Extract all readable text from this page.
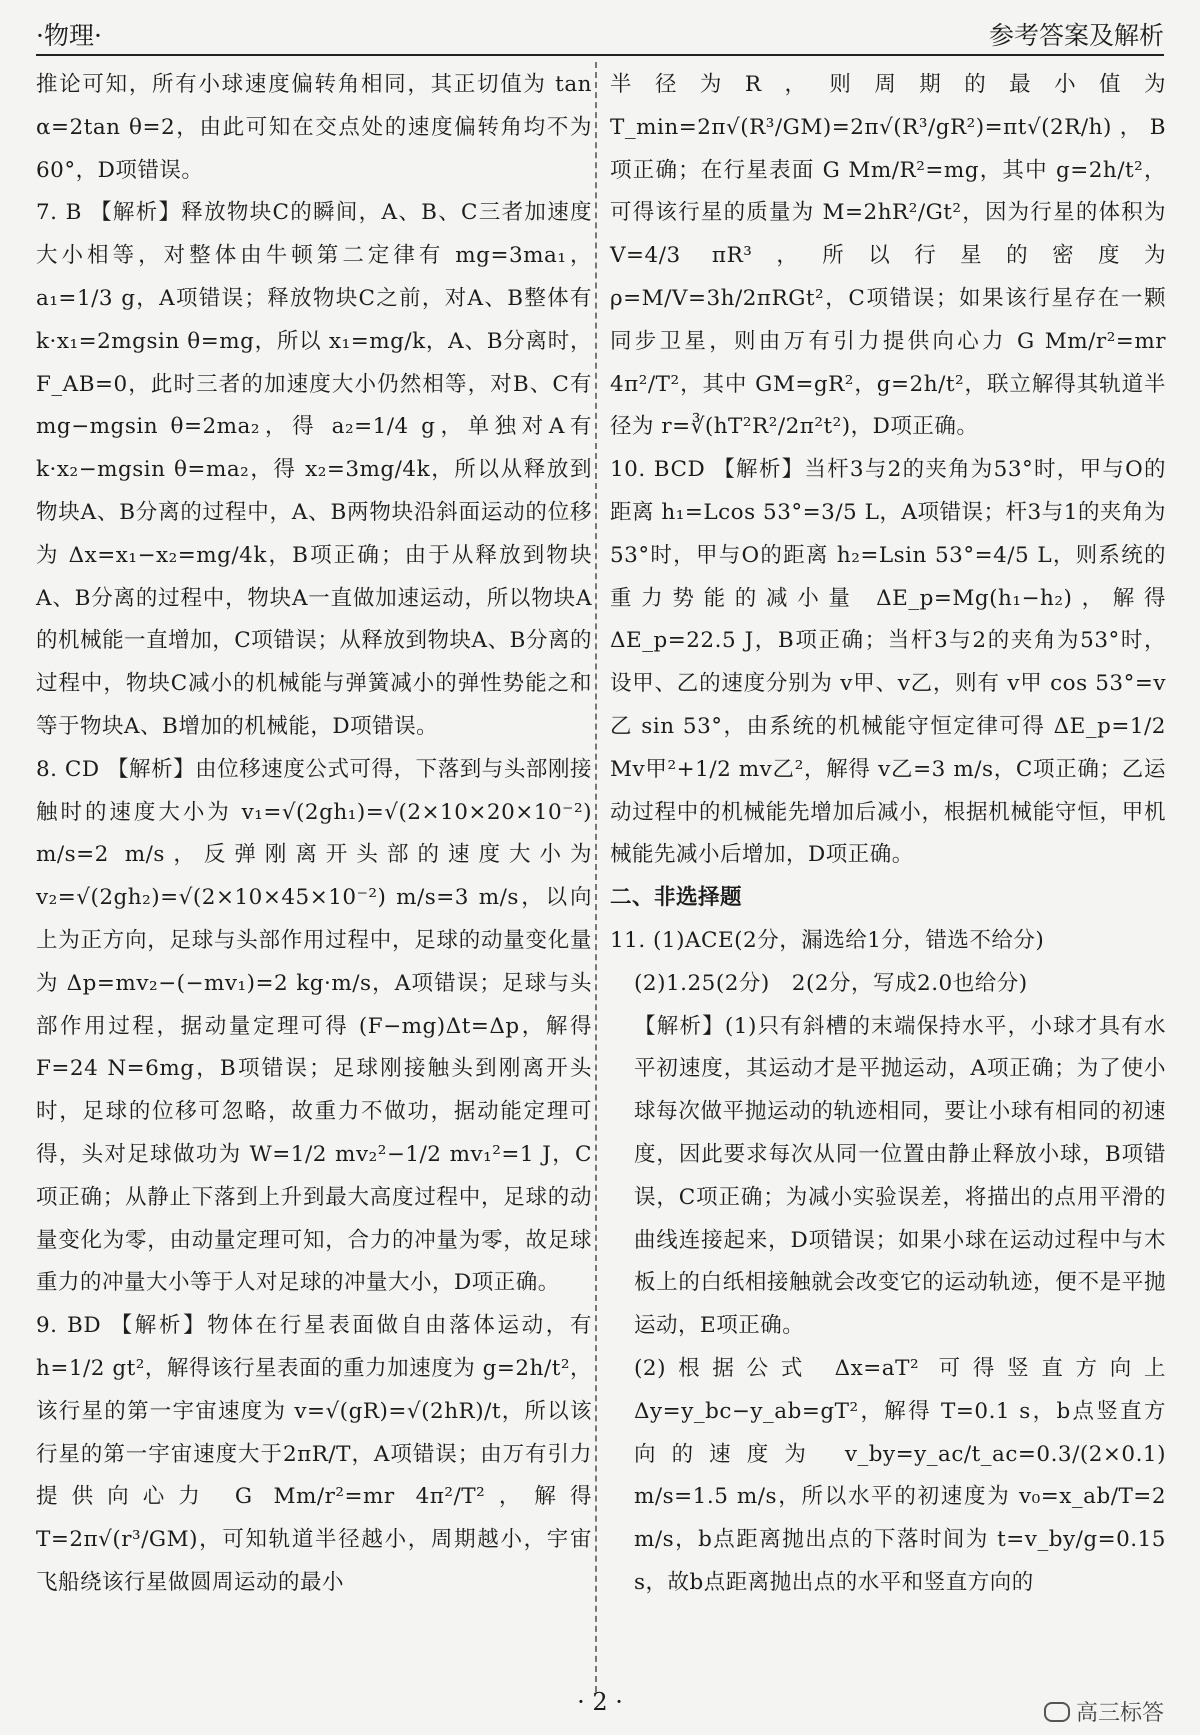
·物理·	参考答案及解析

推论可知，所有小球速度偏转角相同，其正切值为 tan α=2tan θ=2，由此可知在交点处的速度偏转角均不为60°，D项错误。

7. B 【解析】释放物块C的瞬间，A、B、C三者加速度大小相等，对整体由牛顿第二定律有 mg=3ma₁，a₁=1/3 g，A项错误；释放物块C之前，对A、B整体有 k·x₁=2mgsin θ=mg，所以 x₁=mg/k，A、B分离时，F_AB=0，此时三者的加速度大小仍然相等，对B、C有 mg−mgsin θ=2ma₂，得 a₂=1/4 g，单独对A有 k·x₂−mgsin θ=ma₂，得 x₂=3mg/4k，所以从释放到物块A、B分离的过程中，A、B两物块沿斜面运动的位移为 Δx=x₁−x₂=mg/4k，B项正确；由于从释放到物块A、B分离的过程中，物块A一直做加速运动，所以物块A的机械能一直增加，C项错误；从释放到物块A、B分离的过程中，物块C减小的机械能与弹簧减小的弹性势能之和等于物块A、B增加的机械能，D项错误。

8. CD 【解析】由位移速度公式可得，下落到与头部刚接触时的速度大小为 v₁=√(2gh₁)=√(2×10×20×10⁻²) m/s=2 m/s，反弹刚离开头部的速度大小为 v₂=√(2gh₂)=√(2×10×45×10⁻²) m/s=3 m/s，以向上为正方向，足球与头部作用过程中，足球的动量变化量为 Δp=mv₂−(−mv₁)=2 kg·m/s，A项错误；足球与头部作用过程，据动量定理可得 (F−mg)Δt=Δp，解得 F=24 N=6mg，B项错误；足球刚接触头到刚离开头时，足球的位移可忽略，故重力不做功，据动能定理可得，头对足球做功为 W=1/2 mv₂²−1/2 mv₁²=1 J，C项正确；从静止下落到上升到最大高度过程中，足球的动量变化为零，由动量定理可知，合力的冲量为零，故足球重力的冲量大小等于人对足球的冲量大小，D项正确。

9. BD 【解析】物体在行星表面做自由落体运动，有 h=1/2 gt²，解得该行星表面的重力加速度为 g=2h/t²，该行星的第一宇宙速度为 v=√(gR)=√(2hR)/t，所以该行星的第一宇宙速度大于2πR/T，A项错误；由万有引力提供向心力 G Mm/r²=mr 4π²/T²，解得 T=2π√(r³/GM)，可知轨道半径越小，周期越小，宇宙飞船绕该行星做圆周运动的最小

半径为R，则周期的最小值为 T_min=2π√(R³/GM)=2π√(R³/gR²)=πt√(2R/h)，B项正确；在行星表面 G Mm/R²=mg，其中 g=2h/t²，可得该行星的质量为 M=2hR²/Gt²，因为行星的体积为 V=4/3 πR³，所以行星的密度为 ρ=M/V=3h/2πRGt²，C项错误；如果该行星存在一颗同步卫星，则由万有引力提供向心力 G Mm/r²=mr 4π²/T²，其中 GM=gR²，g=2h/t²，联立解得其轨道半径为 r=∛(hT²R²/2π²t²)，D项正确。

10. BCD 【解析】当杆3与2的夹角为53°时，甲与O的距离 h₁=Lcos 53°=3/5 L，A项错误；杆3与1的夹角为53°时，甲与O的距离 h₂=Lsin 53°=4/5 L，则系统的重力势能的减小量 ΔE_p=Mg(h₁−h₂)，解得 ΔE_p=22.5 J，B项正确；当杆3与2的夹角为53°时，设甲、乙的速度分别为 v甲、v乙，则有 v甲 cos 53°=v乙 sin 53°，由系统的机械能守恒定律可得 ΔE_p=1/2 Mv甲²+1/2 mv乙²，解得 v乙=3 m/s，C项正确；乙运动过程中的机械能先增加后减小，根据机械能守恒，甲机械能先减小后增加，D项正确。

二、非选择题

11. (1)ACE(2分，漏选给1分，错选不给分)

(2)1.25(2分)　2(2分，写成2.0也给分)

【解析】(1)只有斜槽的末端保持水平，小球才具有水平初速度，其运动才是平抛运动，A项正确；为了使小球每次做平抛运动的轨迹相同，要让小球有相同的初速度，因此要求每次从同一位置由静止释放小球，B项错误，C项正确；为减小实验误差，将描出的点用平滑的曲线连接起来，D项错误；如果小球在运动过程中与木板上的白纸相接触就会改变它的运动轨迹，便不是平抛运动，E项正确。

(2)根据公式 Δx=aT² 可得竖直方向上 Δy=y_bc−y_ab=gT²，解得 T=0.1 s，b点竖直方向的速度为 v_by=y_ac/t_ac=0.3/(2×0.1) m/s=1.5 m/s，所以水平的初速度为 v₀=x_ab/T=2 m/s，b点距离抛出点的下落时间为 t=v_by/g=0.15 s，故b点距离抛出点的水平和竖直方向的

· 2 ·	高三标答
